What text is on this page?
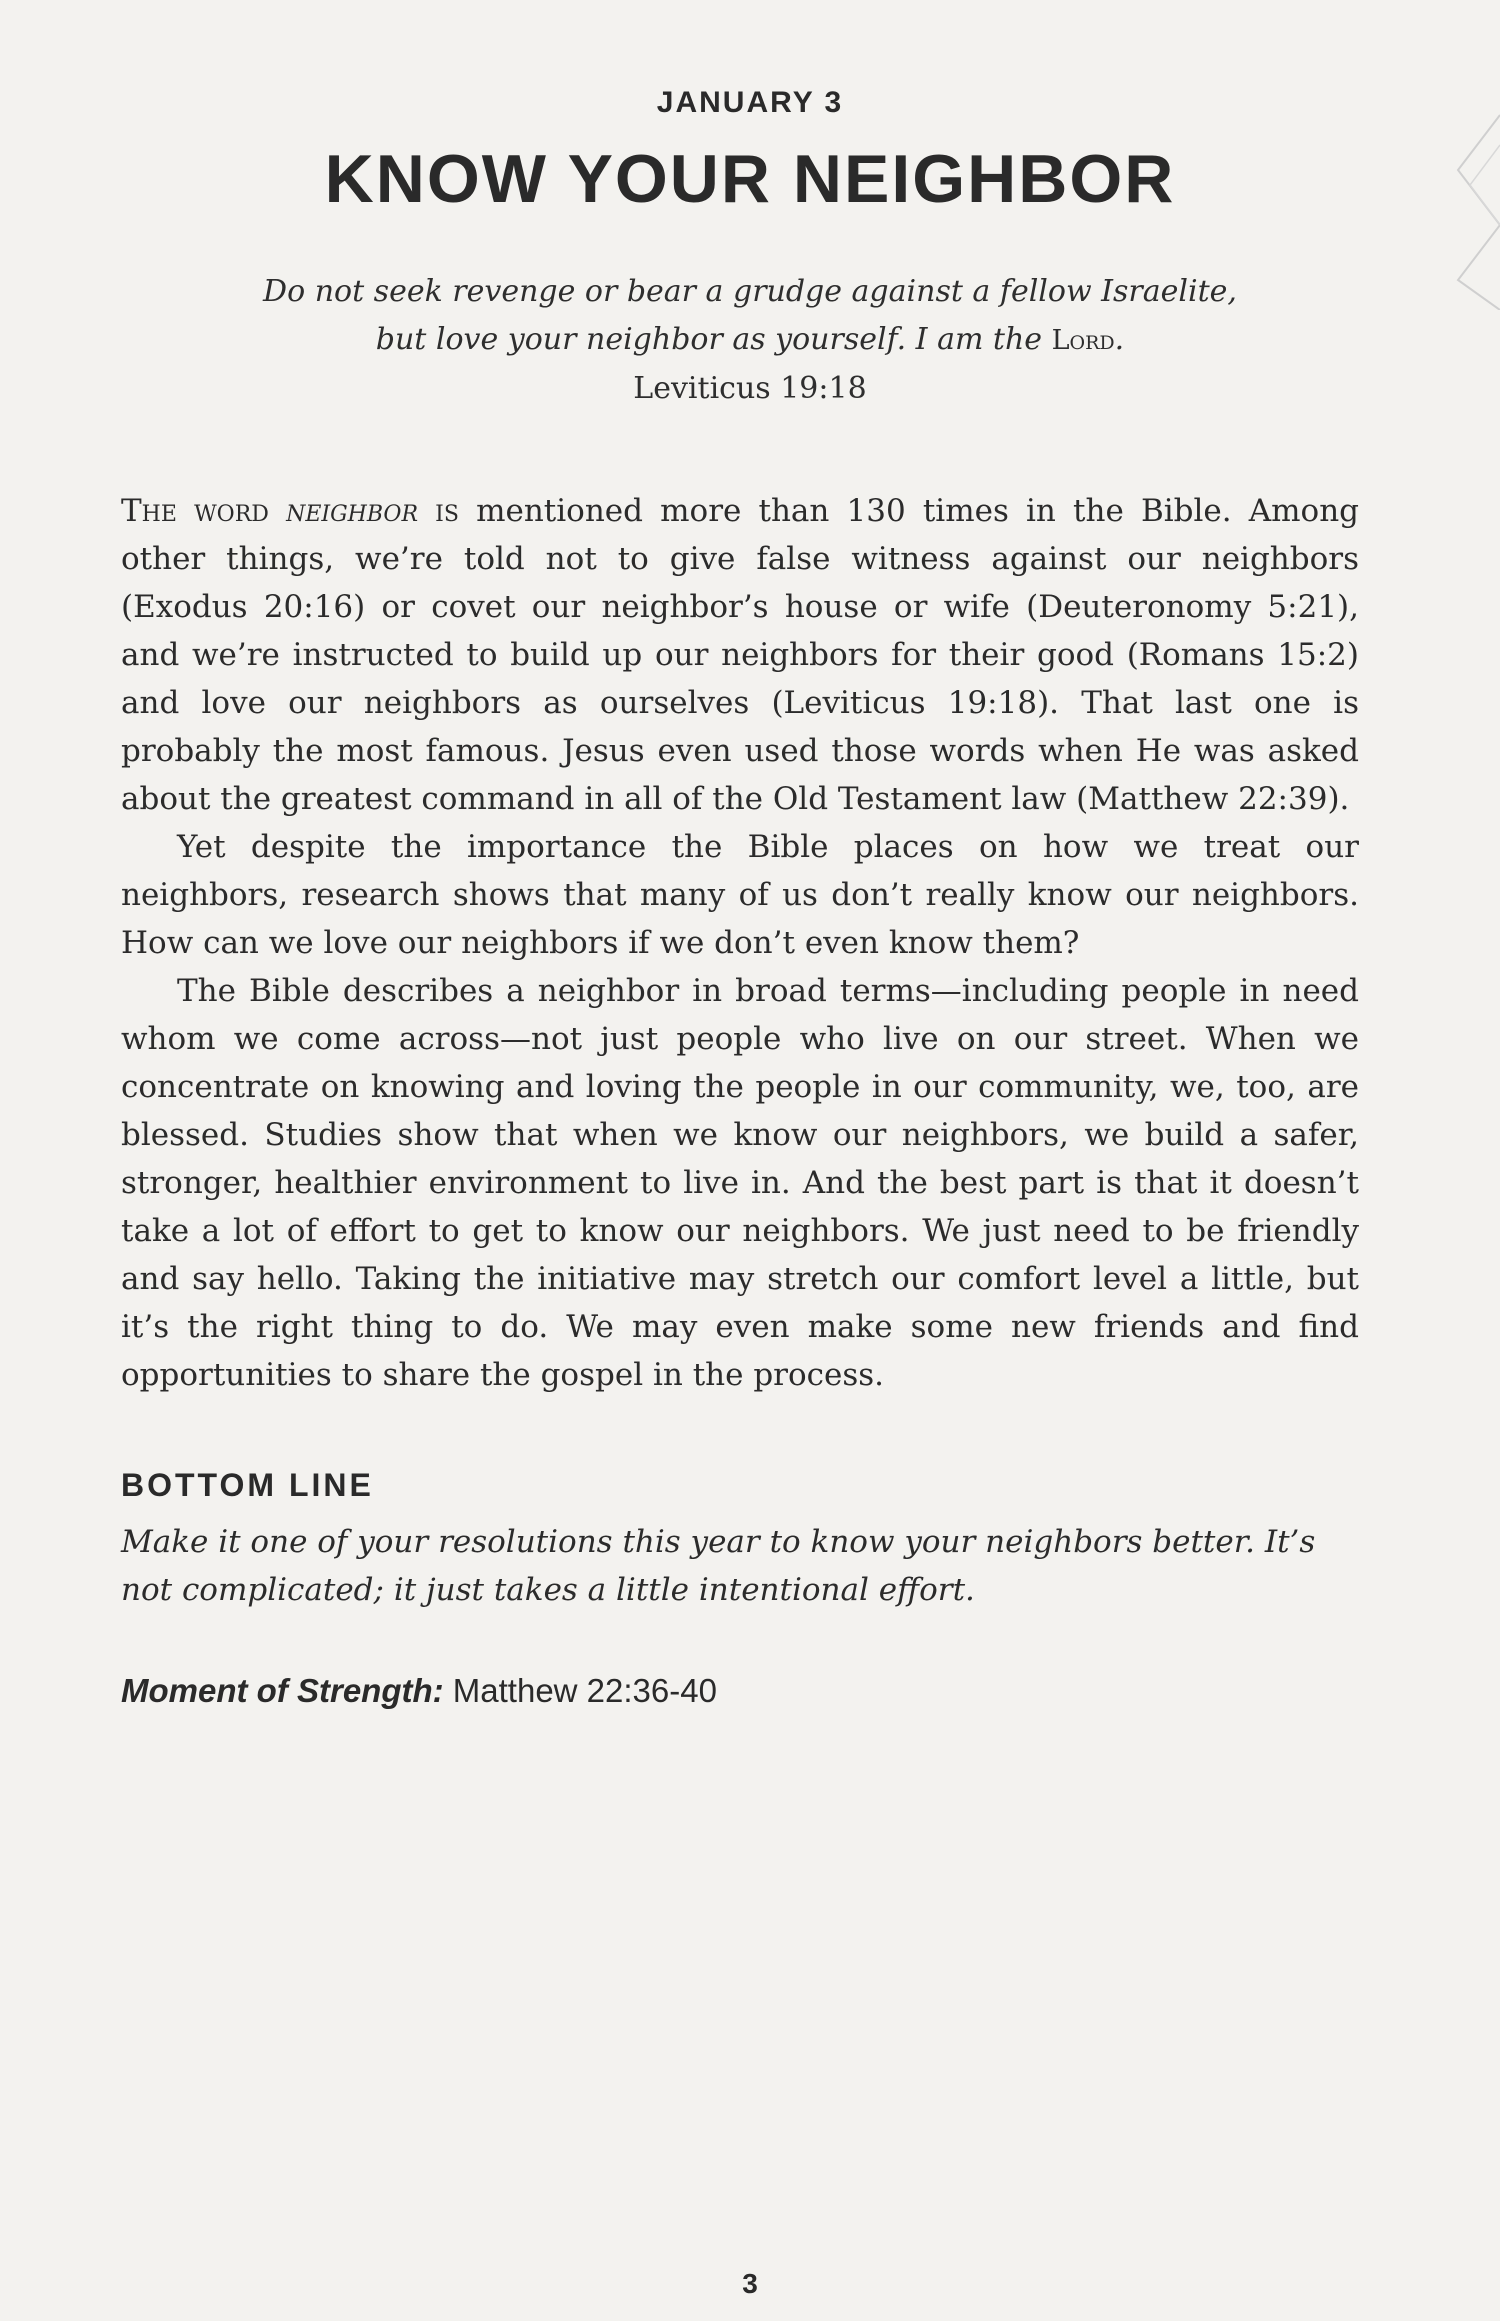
JANUARY 3
KNOW YOUR NEIGHBOR
Do not seek revenge or bear a grudge against a fellow Israelite,
but love your neighbor as yourself. I am the Lord.
Leviticus 19:18

The word neighbor is mentioned more than 130 times in the Bible. Among other things, we’re told not to give false witness against our neighbors (Exodus 20:16) or covet our neighbor’s house or wife (Deuteronomy 5:21), and we’re instructed to build up our neighbors for their good (Romans 15:2) and love our neighbors as ourselves (Leviticus 19:18). That last one is probably the most famous. Jesus even used those words when He was asked about the greatest command in all of the Old Testament law (Matthew 22:39).

Yet despite the importance the Bible places on how we treat our neighbors, research shows that many of us don’t really know our neighbors. How can we love our neighbors if we don’t even know them?

The Bible describes a neighbor in broad terms—including people in need whom we come across—not just people who live on our street. When we concentrate on knowing and loving the people in our community, we, too, are blessed. Studies show that when we know our neighbors, we build a safer, stronger, healthier environment to live in. And the best part is that it doesn’t take a lot of effort to get to know our neighbors. We just need to be friendly and say hello. Taking the initiative may stretch our comfort level a little, but it’s the right thing to do. We may even make some new friends and find opportunities to share the gospel in the process.

BOTTOM LINE

Make it one of your resolutions this year to know your neighbors better. It’s not complicated; it just takes a little intentional effort.

Moment of Strength: Matthew 22:36-40
3
